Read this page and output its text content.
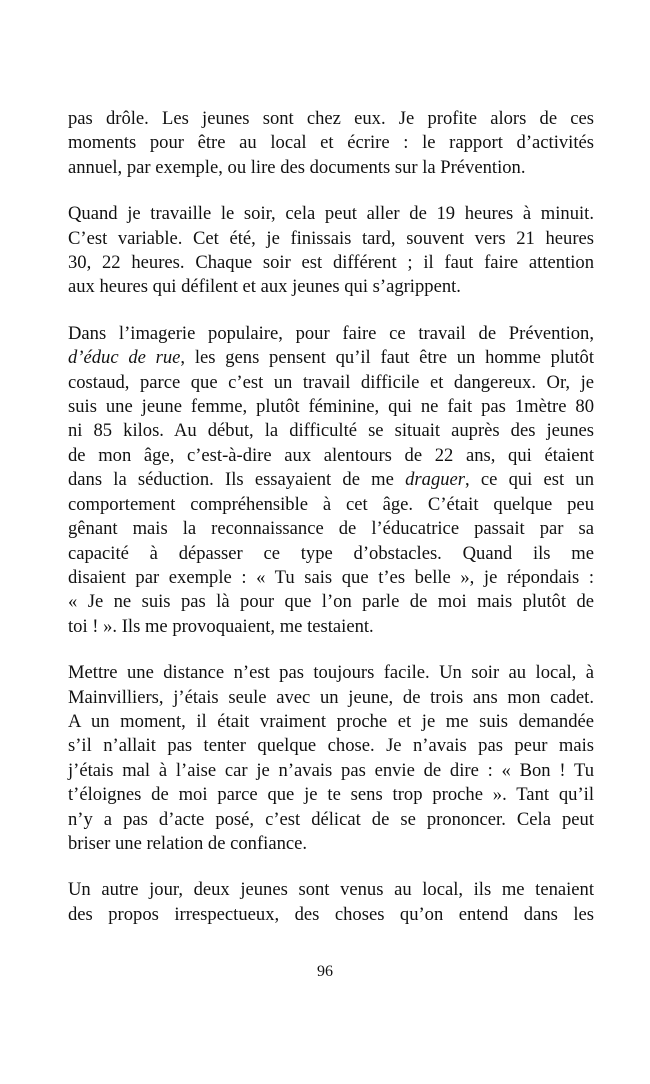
pas drôle. Les jeunes sont chez eux. Je profite alors de ces
moments pour être au local et écrire : le rapport d’activités
annuel, par exemple, ou lire des documents sur la Prévention.
Quand je travaille le soir, cela peut aller de 19 heures à minuit.
C’est variable. Cet été, je finissais tard, souvent vers 21 heures
30, 22 heures. Chaque soir est différent ; il faut faire attention
aux heures qui défilent et aux jeunes qui s’agrippent.
Dans l’imagerie populaire, pour faire ce travail de Prévention,
d’éduc de rue, les gens pensent qu’il faut être un homme plutôt
costaud, parce que c’est un travail difficile et dangereux. Or, je
suis une jeune femme, plutôt féminine, qui ne fait pas 1mètre 80
ni 85 kilos. Au début, la difficulté se situait auprès des jeunes
de mon âge, c’est-à-dire aux alentours de 22 ans, qui étaient
dans la séduction. Ils essayaient de me draguer, ce qui est un
comportement compréhensible à cet âge. C’était quelque peu
gênant mais la reconnaissance de l’éducatrice passait par sa
capacité à dépasser ce type d’obstacles. Quand ils me
disaient par exemple : « Tu sais que t’es belle », je répondais :
« Je ne suis pas là pour que l’on parle de moi mais plutôt de
toi ! ». Ils me provoquaient, me testaient.
Mettre une distance n’est pas toujours facile. Un soir au local, à
Mainvilliers, j’étais seule avec un jeune, de trois ans mon cadet.
A un moment, il était vraiment proche et je me suis demandée
s’il n’allait pas tenter quelque chose. Je n’avais pas peur mais
j’étais mal à l’aise car je n’avais pas envie de dire : « Bon ! Tu
t’éloignes de moi parce que je te sens trop proche ». Tant qu’il
n’y a pas d’acte posé, c’est délicat de se prononcer. Cela peut
briser une relation de confiance.
Un autre jour, deux jeunes sont venus au local, ils me tenaient
des propos irrespectueux, des choses qu’on entend dans les
96
